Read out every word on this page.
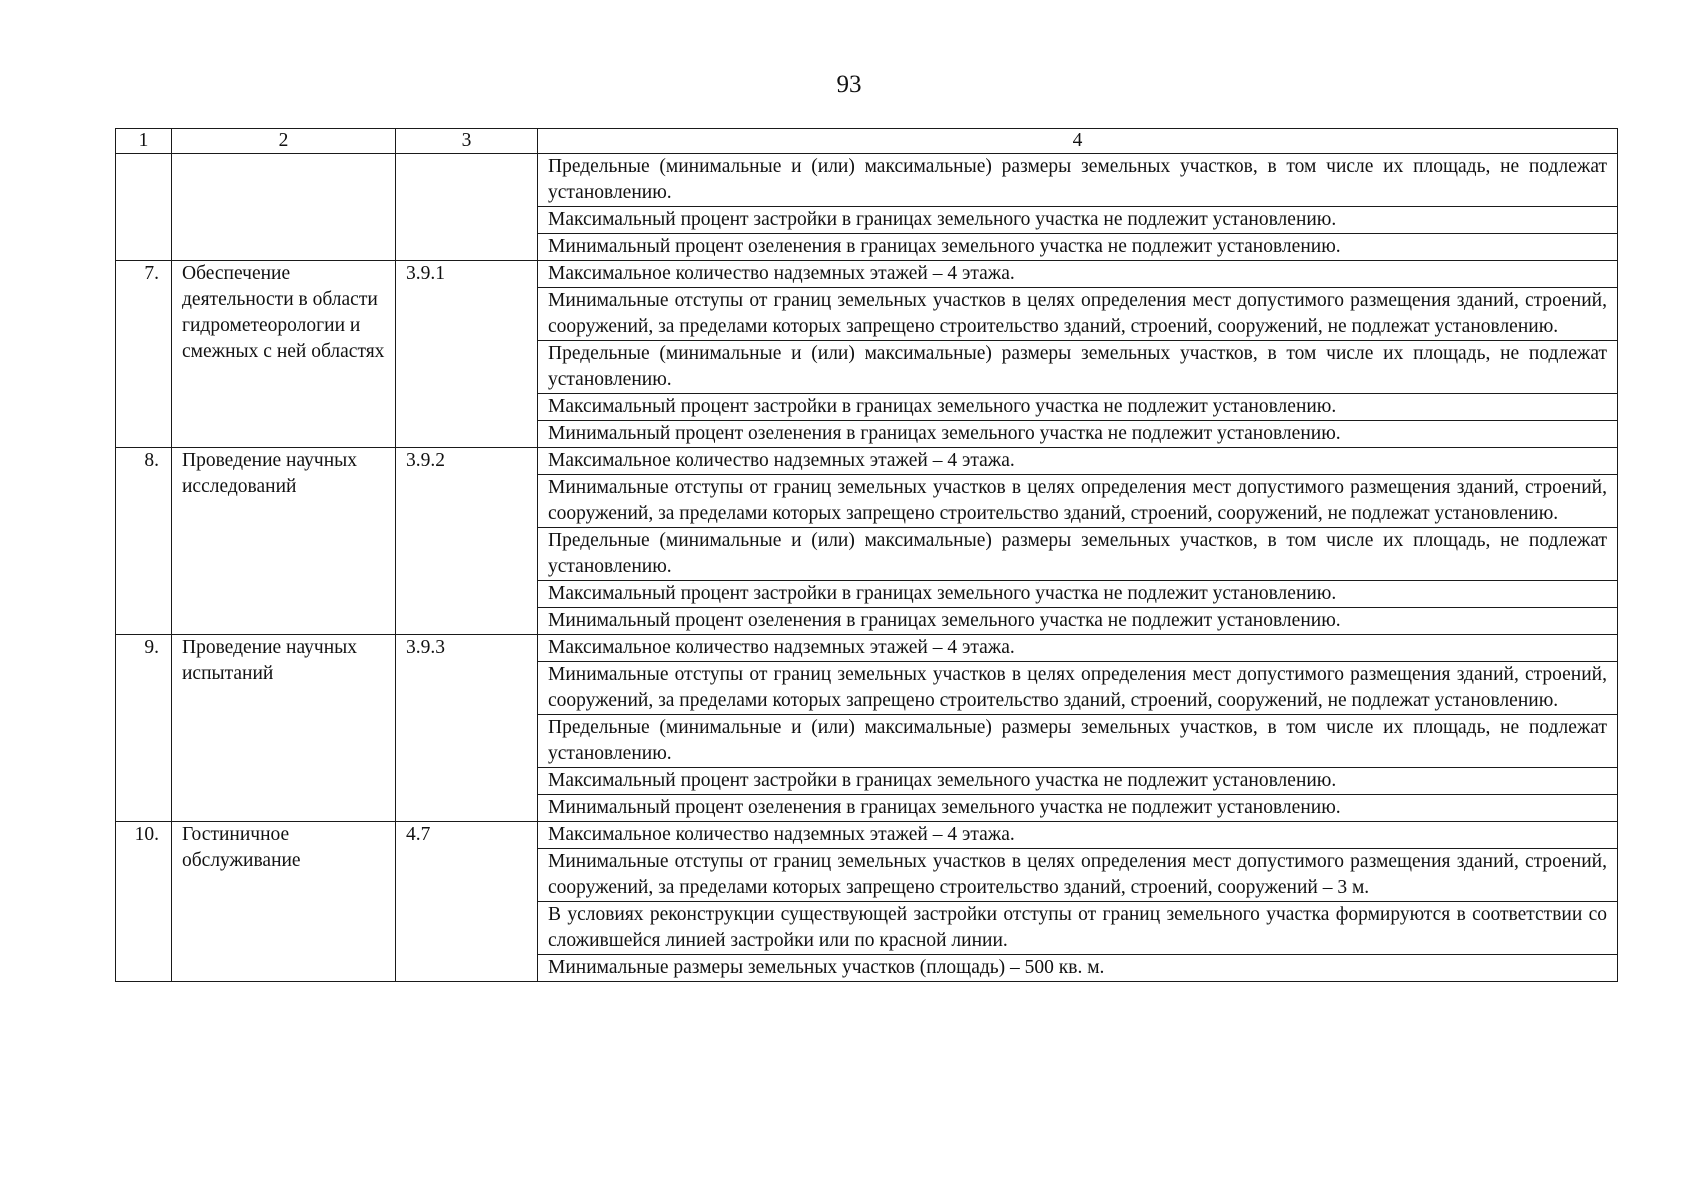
93
1	2	3	4
			Предельные (минимальные и (или) максимальные) размеры земельных участков, в том числе их площадь, не подлежат установлению.
			Максимальный процент застройки в границах земельного участка не подлежит установлению.
			Минимальный процент озеленения в границах земельного участка не подлежит установлению.
7.	Обеспечение деятельности в области гидрометеорологии и смежных с ней областях	3.9.1	Максимальное количество надземных этажей – 4 этажа.
			Минимальные отступы от границ земельных участков в целях определения мест допустимого размещения зданий, строений, сооружений, за пределами которых запрещено строительство зданий, строений, сооружений, не подлежат установлению.
			Предельные (минимальные и (или) максимальные) размеры земельных участков, в том числе их площадь, не подлежат установлению.
			Максимальный процент застройки в границах земельного участка не подлежит установлению.
			Минимальный процент озеленения в границах земельного участка не подлежит установлению.
8.	Проведение научных исследований	3.9.2	Максимальное количество надземных этажей – 4 этажа.
			Минимальные отступы от границ земельных участков в целях определения мест допустимого размещения зданий, строений, сооружений, за пределами которых запрещено строительство зданий, строений, сооружений, не подлежат установлению.
			Предельные (минимальные и (или) максимальные) размеры земельных участков, в том числе их площадь, не подлежат установлению.
			Максимальный процент застройки в границах земельного участка не подлежит установлению.
			Минимальный процент озеленения в границах земельного участка не подлежит установлению.
9.	Проведение научных испытаний	3.9.3	Максимальное количество надземных этажей – 4 этажа.
			Минимальные отступы от границ земельных участков в целях определения мест допустимого размещения зданий, строений, сооружений, за пределами которых запрещено строительство зданий, строений, сооружений, не подлежат установлению.
			Предельные (минимальные и (или) максимальные) размеры земельных участков, в том числе их площадь, не подлежат установлению.
			Максимальный процент застройки в границах земельного участка не подлежит установлению.
			Минимальный процент озеленения в границах земельного участка не подлежит установлению.
10.	Гостиничное обслуживание	4.7	Максимальное количество надземных этажей – 4 этажа.
			Минимальные отступы от границ земельных участков в целях определения мест допустимого размещения зданий, строений, сооружений, за пределами которых запрещено строительство зданий, строений, сооружений – 3 м.
			В условиях реконструкции существующей застройки отступы от границ земельного участка формируются в соответствии со сложившейся линией застройки или по красной линии.
			Минимальные размеры земельных участков (площадь) – 500 кв. м.
